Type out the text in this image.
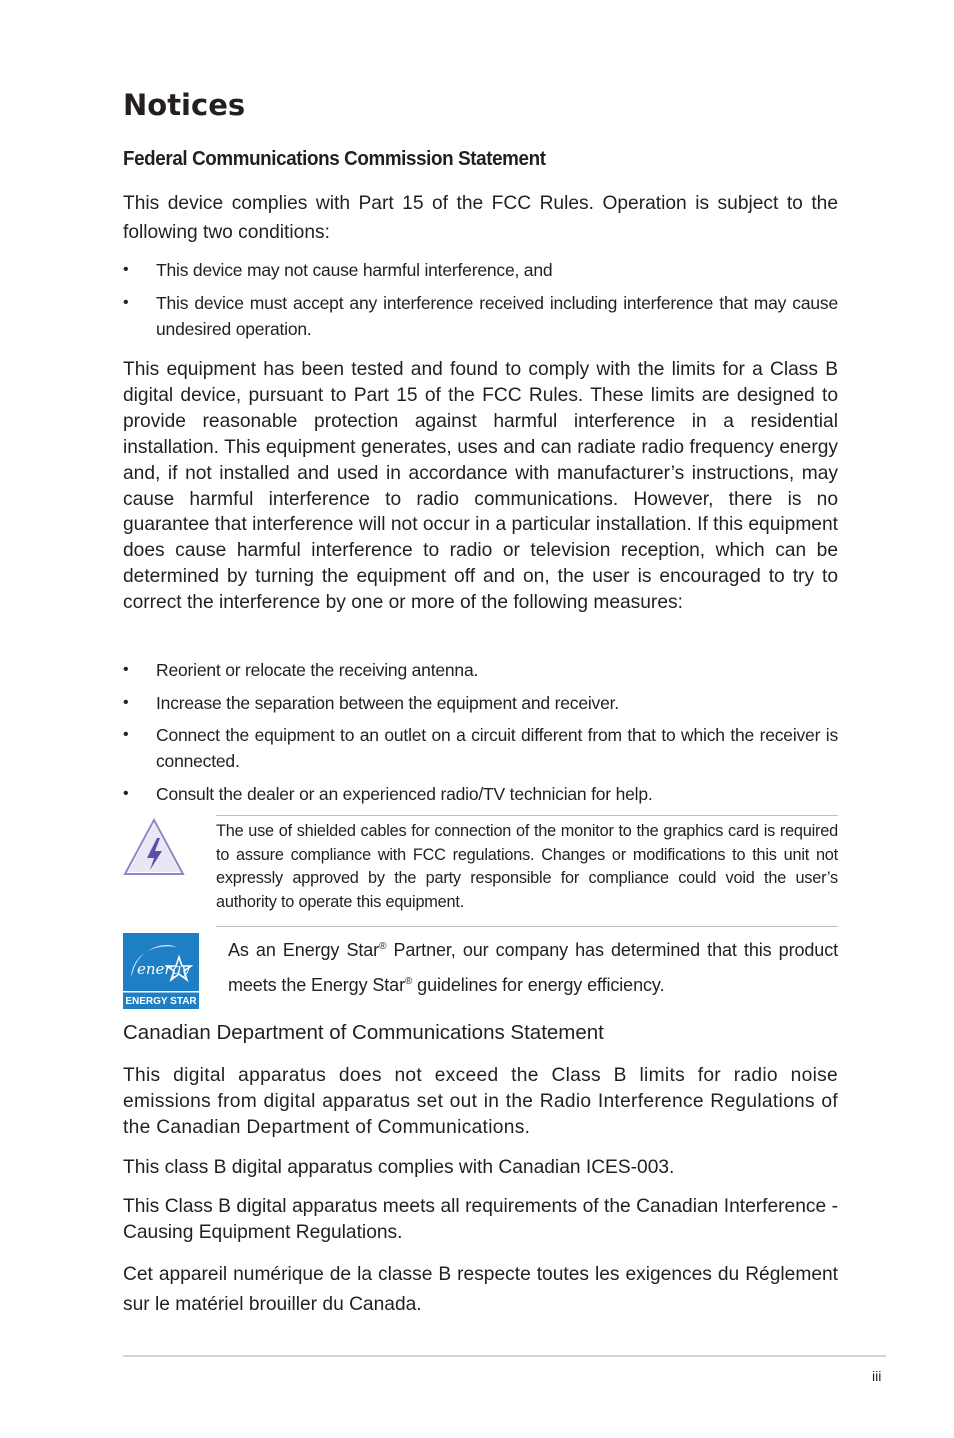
Notices
Federal Communications Commission Statement
This device complies with Part 15 of the FCC Rules. Operation is subject to the following two conditions:
• This device may not cause harmful interference, and
• This device must accept any interference received including interference that may cause undesired operation.
This equipment has been tested and found to comply with the limits for a Class B digital device, pursuant to Part 15 of the FCC Rules. These limits are designed to provide reasonable protection against harmful interference in a residential installation. This equipment generates, uses and can radiate radio frequency energy and, if not installed and used in accordance with manufacturer’s instructions, may cause harmful interference to radio communications. However, there is no guarantee that interference will not occur in a particular installation. If this equipment does cause harmful interference to radio or television reception, which can be determined by turning the equipment off and on, the user is encouraged to try to correct the interference by one or more of the following measures:
• Reorient or relocate the receiving antenna.
• Increase the separation between the equipment and receiver.
• Connect the equipment to an outlet on a circuit different from that to which the receiver is connected.
• Consult the dealer or an experienced radio/TV technician for help.
The use of shielded cables for connection of the monitor to the graphics card is required to assure compliance with FCC regulations. Changes or modifications to this unit not expressly approved by the party responsible for compliance could void the user’s authority to operate this equipment.
energy
ENERGY STAR
As an Energy Star® Partner, our company has determined that this product meets the Energy Star® guidelines for energy efficiency.
Canadian Department of Communications Statement
This digital apparatus does not exceed the Class B limits for radio noise emissions from digital apparatus set out in the Radio Interference Regulations of the Canadian Department of Communications.
This class B digital apparatus complies with Canadian ICES-003.
This Class B digital apparatus meets all requirements of the Canadian Interference - Causing Equipment Regulations.
Cet appareil numérique de la classe B respecte toutes les exigences du Réglement sur le matériel brouiller du Canada.
iii
